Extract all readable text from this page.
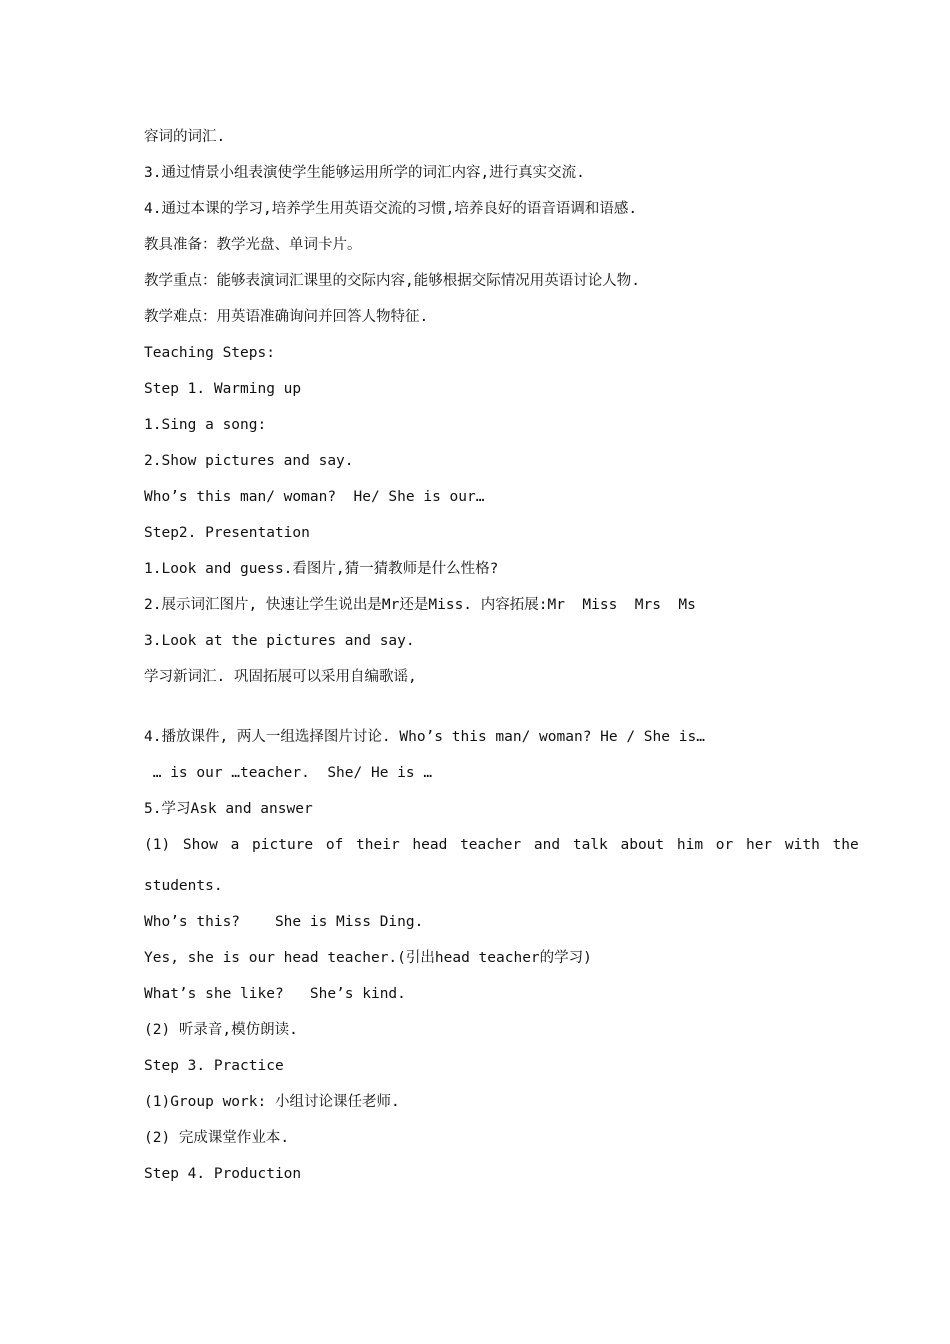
容词的词汇.
3.通过情景小组表演使学生能够运用所学的词汇内容,进行真实交流.
4.通过本课的学习,培养学生用英语交流的习惯,培养良好的语音语调和语感.
教具准备：教学光盘、单词卡片。
教学重点：能够表演词汇课里的交际内容,能够根据交际情况用英语讨论人物.
教学难点：用英语准确询问并回答人物特征.
Teaching Steps:
Step 1. Warming up
1.Sing a song:
2.Show pictures and say.
Who’s this man/ woman?  He/ She is our…
Step2. Presentation
1.Look and guess.看图片,猜一猜教师是什么性格?
2.展示词汇图片, 快速让学生说出是Mr还是Miss. 内容拓展:Mr  Miss  Mrs  Ms
3.Look at the pictures and say.
学习新词汇. 巩固拓展可以采用自编歌谣,
4.播放课件, 两人一组选择图片讨论. Who’s this man/ woman? He / She is…
… is our …teacher.  She/ He is …
5.学习Ask and answer
(1) Show a picture of their head teacher and talk about him or her with the
students.
Who’s this?    She is Miss Ding.
Yes, she is our head teacher.(引出head teacher的学习)
What’s she like?   She’s kind.
(2) 听录音,模仿朗读.
Step 3. Practice
(1)Group work: 小组讨论课任老师.
(2) 完成课堂作业本.
Step 4. Production
